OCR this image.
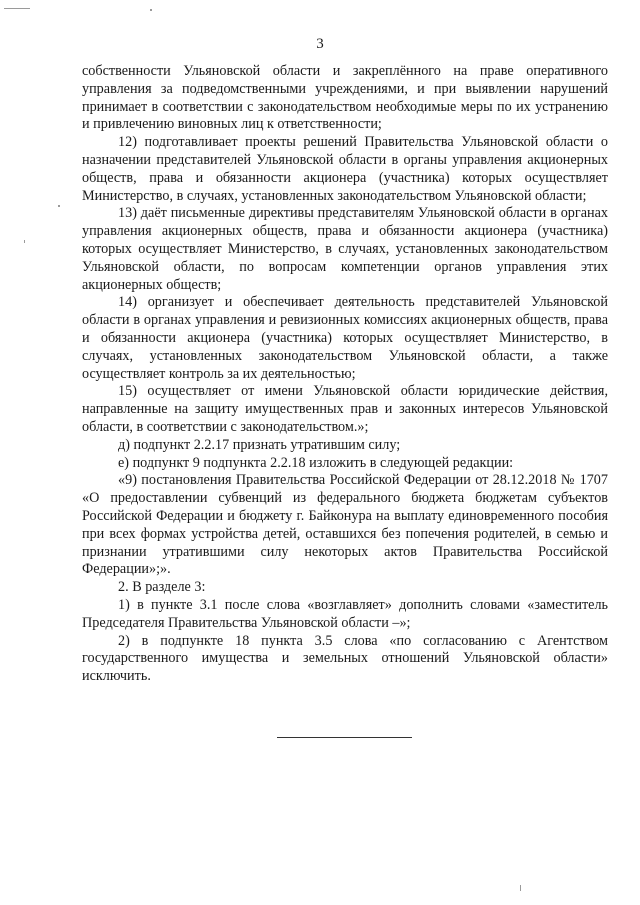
3

собственности Ульяновской области и закреплённого на праве оперативного управления за подведомственными учреждениями, и при выявлении нарушений принимает в соответствии с законодательством необходимые меры по их устранению и привлечению виновных лиц к ответственности;

12) подготавливает проекты решений Правительства Ульяновской области о назначении представителей Ульяновской области в органы управления акционерных обществ, права и обязанности акционера (участника) которых осуществляет Министерство, в случаях, установленных законодательством Ульяновской области;

13) даёт письменные директивы представителям Ульяновской области в органах управления акционерных обществ, права и обязанности акционера (участника) которых осуществляет Министерство, в случаях, установленных законодательством Ульяновской области, по вопросам компетенции органов управления этих акционерных обществ;

14) организует и обеспечивает деятельность представителей Ульяновской области в органах управления и ревизионных комиссиях акционерных обществ, права и обязанности акционера (участника) которых осуществляет Министерство, в случаях, установленных законодательством Ульяновской области, а также осуществляет контроль за их деятельностью;

15) осуществляет от имени Ульяновской области юридические действия, направленные на защиту имущественных прав и законных интересов Ульяновской области, в соответствии с законодательством.»;

д) подпункт 2.2.17 признать утратившим силу;

е) подпункт 9 подпункта 2.2.18 изложить в следующей редакции:

«9) постановления Правительства Российской Федерации от 28.12.2018 № 1707 «О предоставлении субвенций из федерального бюджета бюджетам субъектов Российской Федерации и бюджету г. Байконура на выплату единовременного пособия при всех формах устройства детей, оставшихся без попечения родителей, в семью и признании утратившими силу некоторых актов Правительства Российской Федерации»;».

2. В разделе 3:

1) в пункте 3.1 после слова «возглавляет» дополнить словами «заместитель Председателя Правительства Ульяновской области –»;

2) в подпункте 18 пункта 3.5 слова «по согласованию с Агентством государственного имущества и земельных отношений Ульяновской области» исключить.
